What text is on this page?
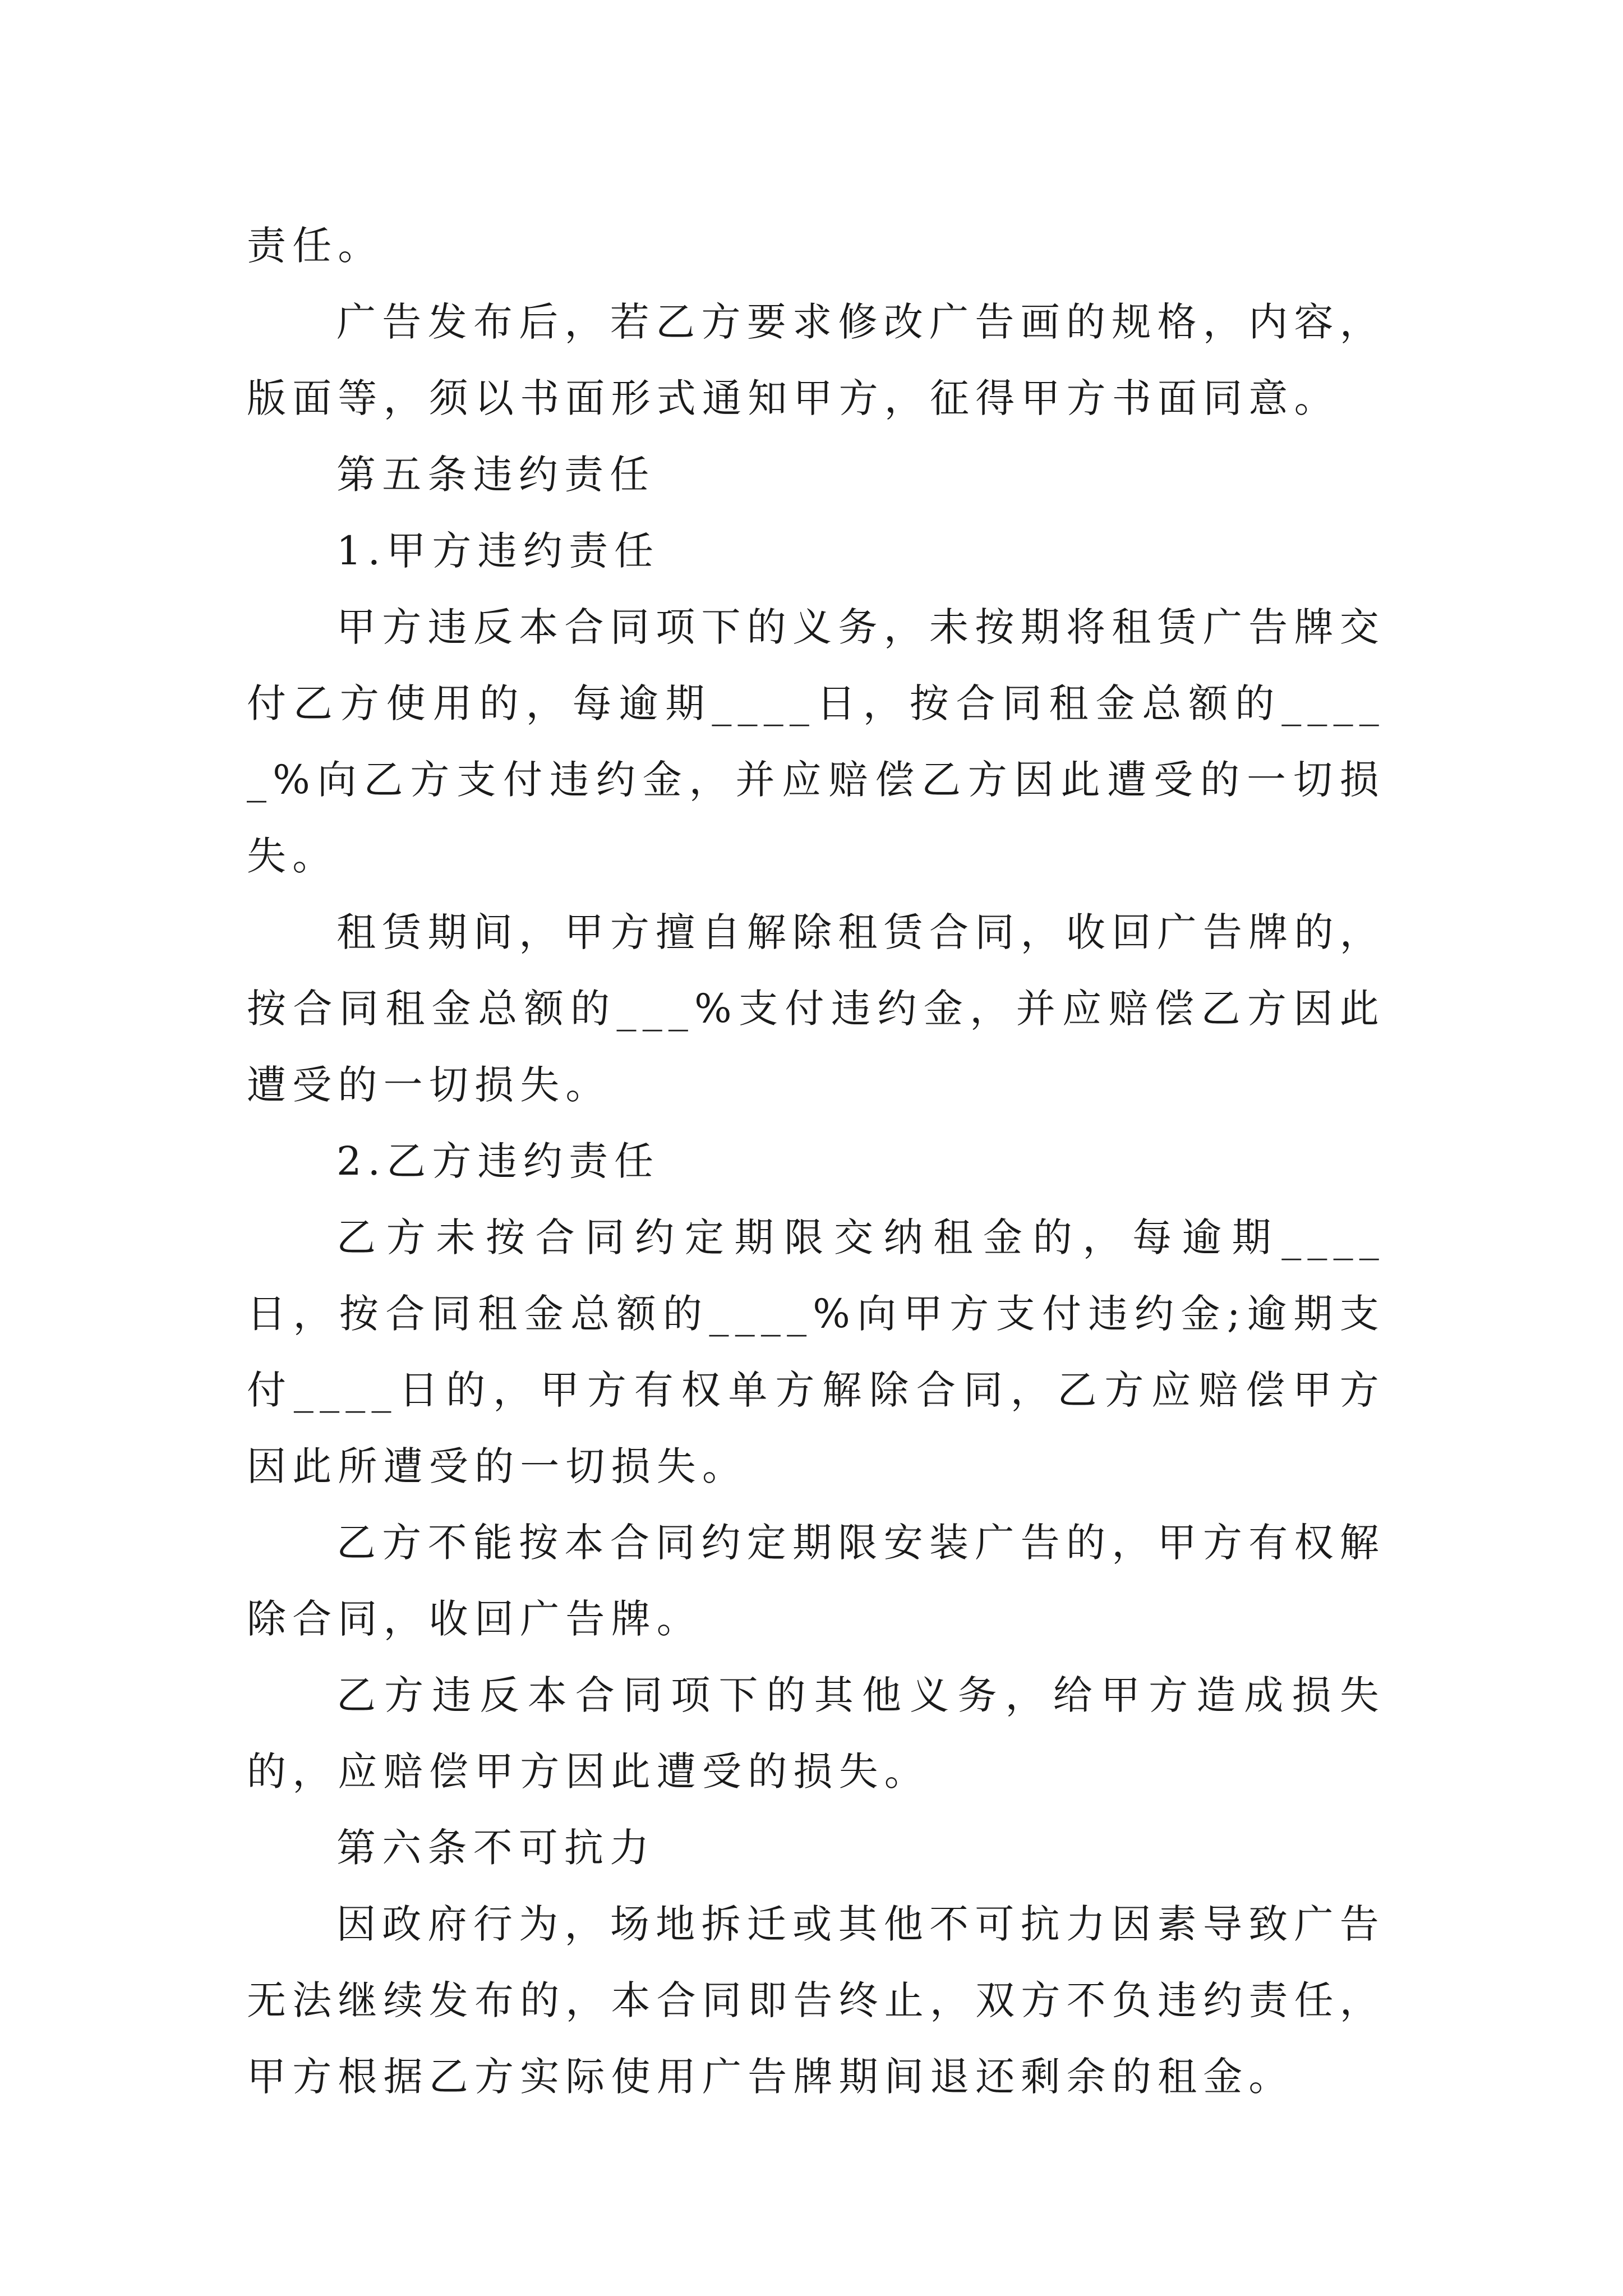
责任。

广告发布后，若乙方要求修改广告画的规格，内容，版面等，须以书面形式通知甲方，征得甲方书面同意。

第五条违约责任

1.甲方违约责任

甲方违反本合同项下的义务，未按期将租赁广告牌交付乙方使用的，每逾期____日，按合同租金总额的_____%向乙方支付违约金，并应赔偿乙方因此遭受的一切损失。

租赁期间，甲方擅自解除租赁合同，收回广告牌的，按合同租金总额的___%支付违约金，并应赔偿乙方因此遭受的一切损失。

2.乙方违约责任

乙方未按合同约定期限交纳租金的，每逾期____日，按合同租金总额的____%向甲方支付违约金;逾期支付____日的，甲方有权单方解除合同，乙方应赔偿甲方因此所遭受的一切损失。

乙方不能按本合同约定期限安装广告的，甲方有权解除合同，收回广告牌。

乙方违反本合同项下的其他义务，给甲方造成损失的，应赔偿甲方因此遭受的损失。

第六条不可抗力

因政府行为，场地拆迁或其他不可抗力因素导致广告无法继续发布的，本合同即告终止，双方不负违约责任，甲方根据乙方实际使用广告牌期间退还剩余的租金。
